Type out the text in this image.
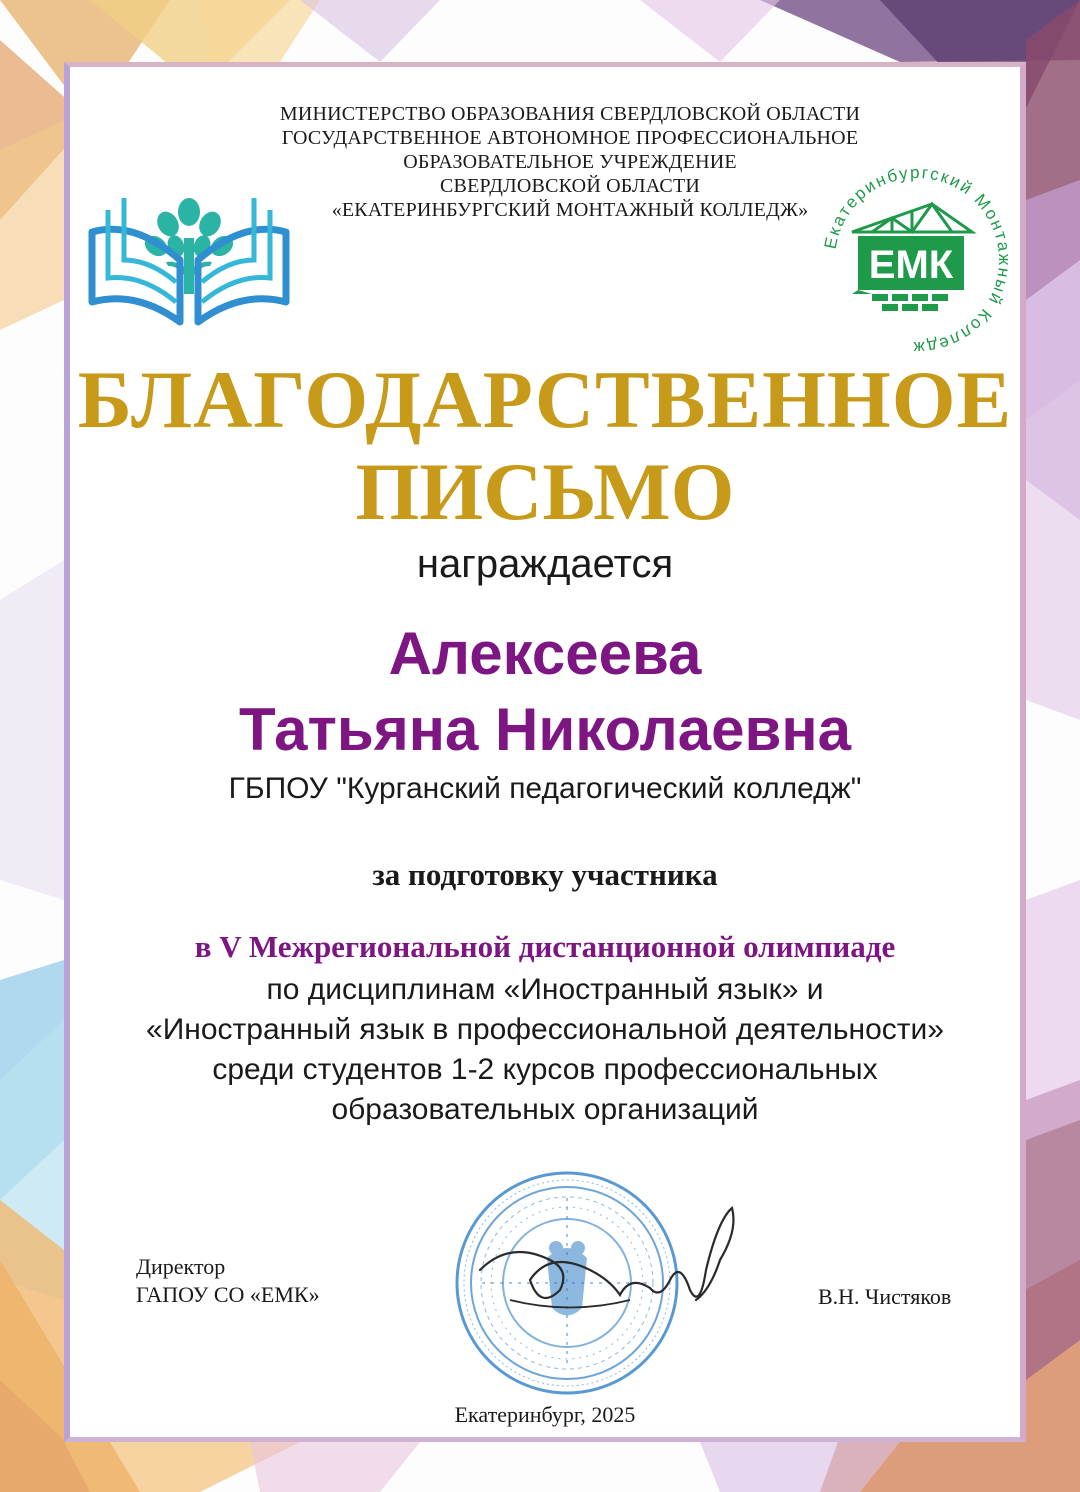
Екатеринбургский Монтажный Колледж
ЕМК
МИНИСТЕРСТВО ОБРАЗОВАНИЯ СВЕРДЛОВСКОЙ ОБЛАСТИ
ГОСУДАРСТВЕННОЕ АВТОНОМНОЕ ПРОФЕССИОНАЛЬНОЕ
ОБРАЗОВАТЕЛЬНОЕ УЧРЕЖДЕНИЕ
СВЕРДЛОВСКОЙ ОБЛАСТИ
«ЕКАТЕРИНБУРГСКИЙ МОНТАЖНЫЙ КОЛЛЕДЖ»
БЛАГОДАРСТВЕННОЕ
ПИСЬМО
награждается
Алексеева
Татьяна Николаевна
ГБПОУ "Курганский педагогический колледж"
за подготовку участника
в V Межрегиональной дистанционной олимпиаде
по дисциплинам «Иностранный язык» и
«Иностранный язык в профессиональной деятельности»
среди студентов 1-2 курсов профессиональных
образовательных организаций
Директор
ГАПОУ СО «ЕМК»	В.Н. Чистяков
Екатеринбург, 2025
